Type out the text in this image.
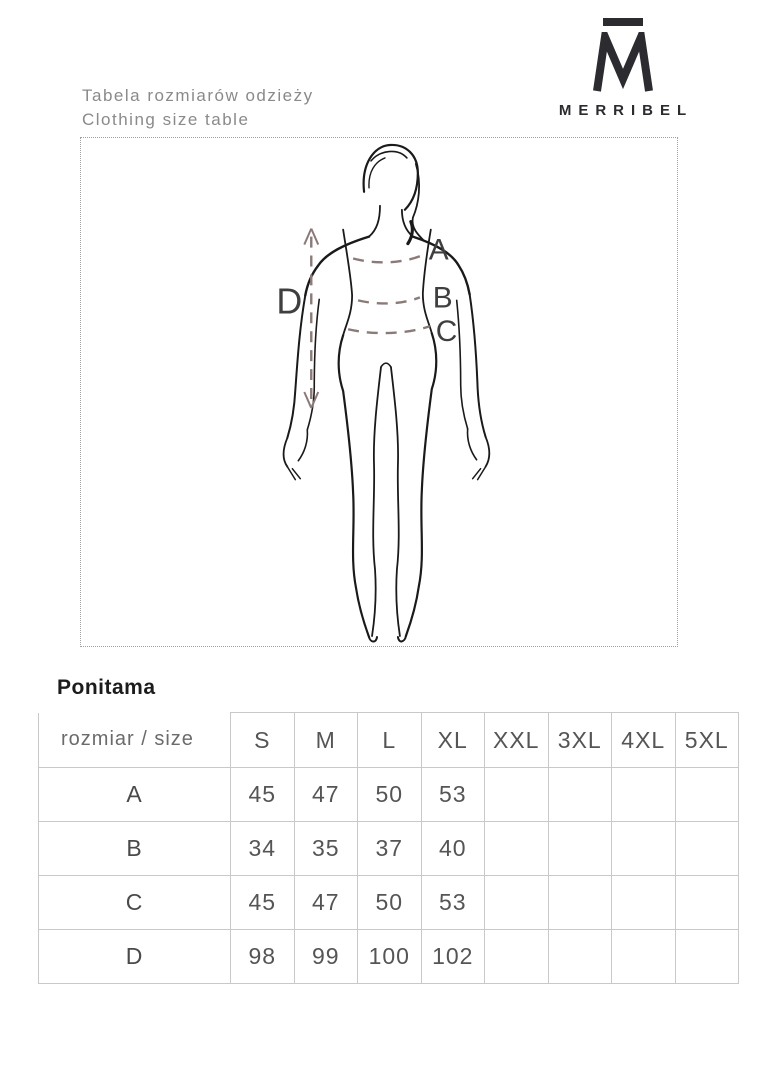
Tabela rozmiarów odzieży
Clothing size table	MERRIBEL
A
B
C
D
Ponitama
rozmiar / size	S	M	L	XL	XXL	3XL	4XL	5XL
A	45	47	50	53				
B	34	35	37	40				
C	45	47	50	53				
D	98	99	100	102				
